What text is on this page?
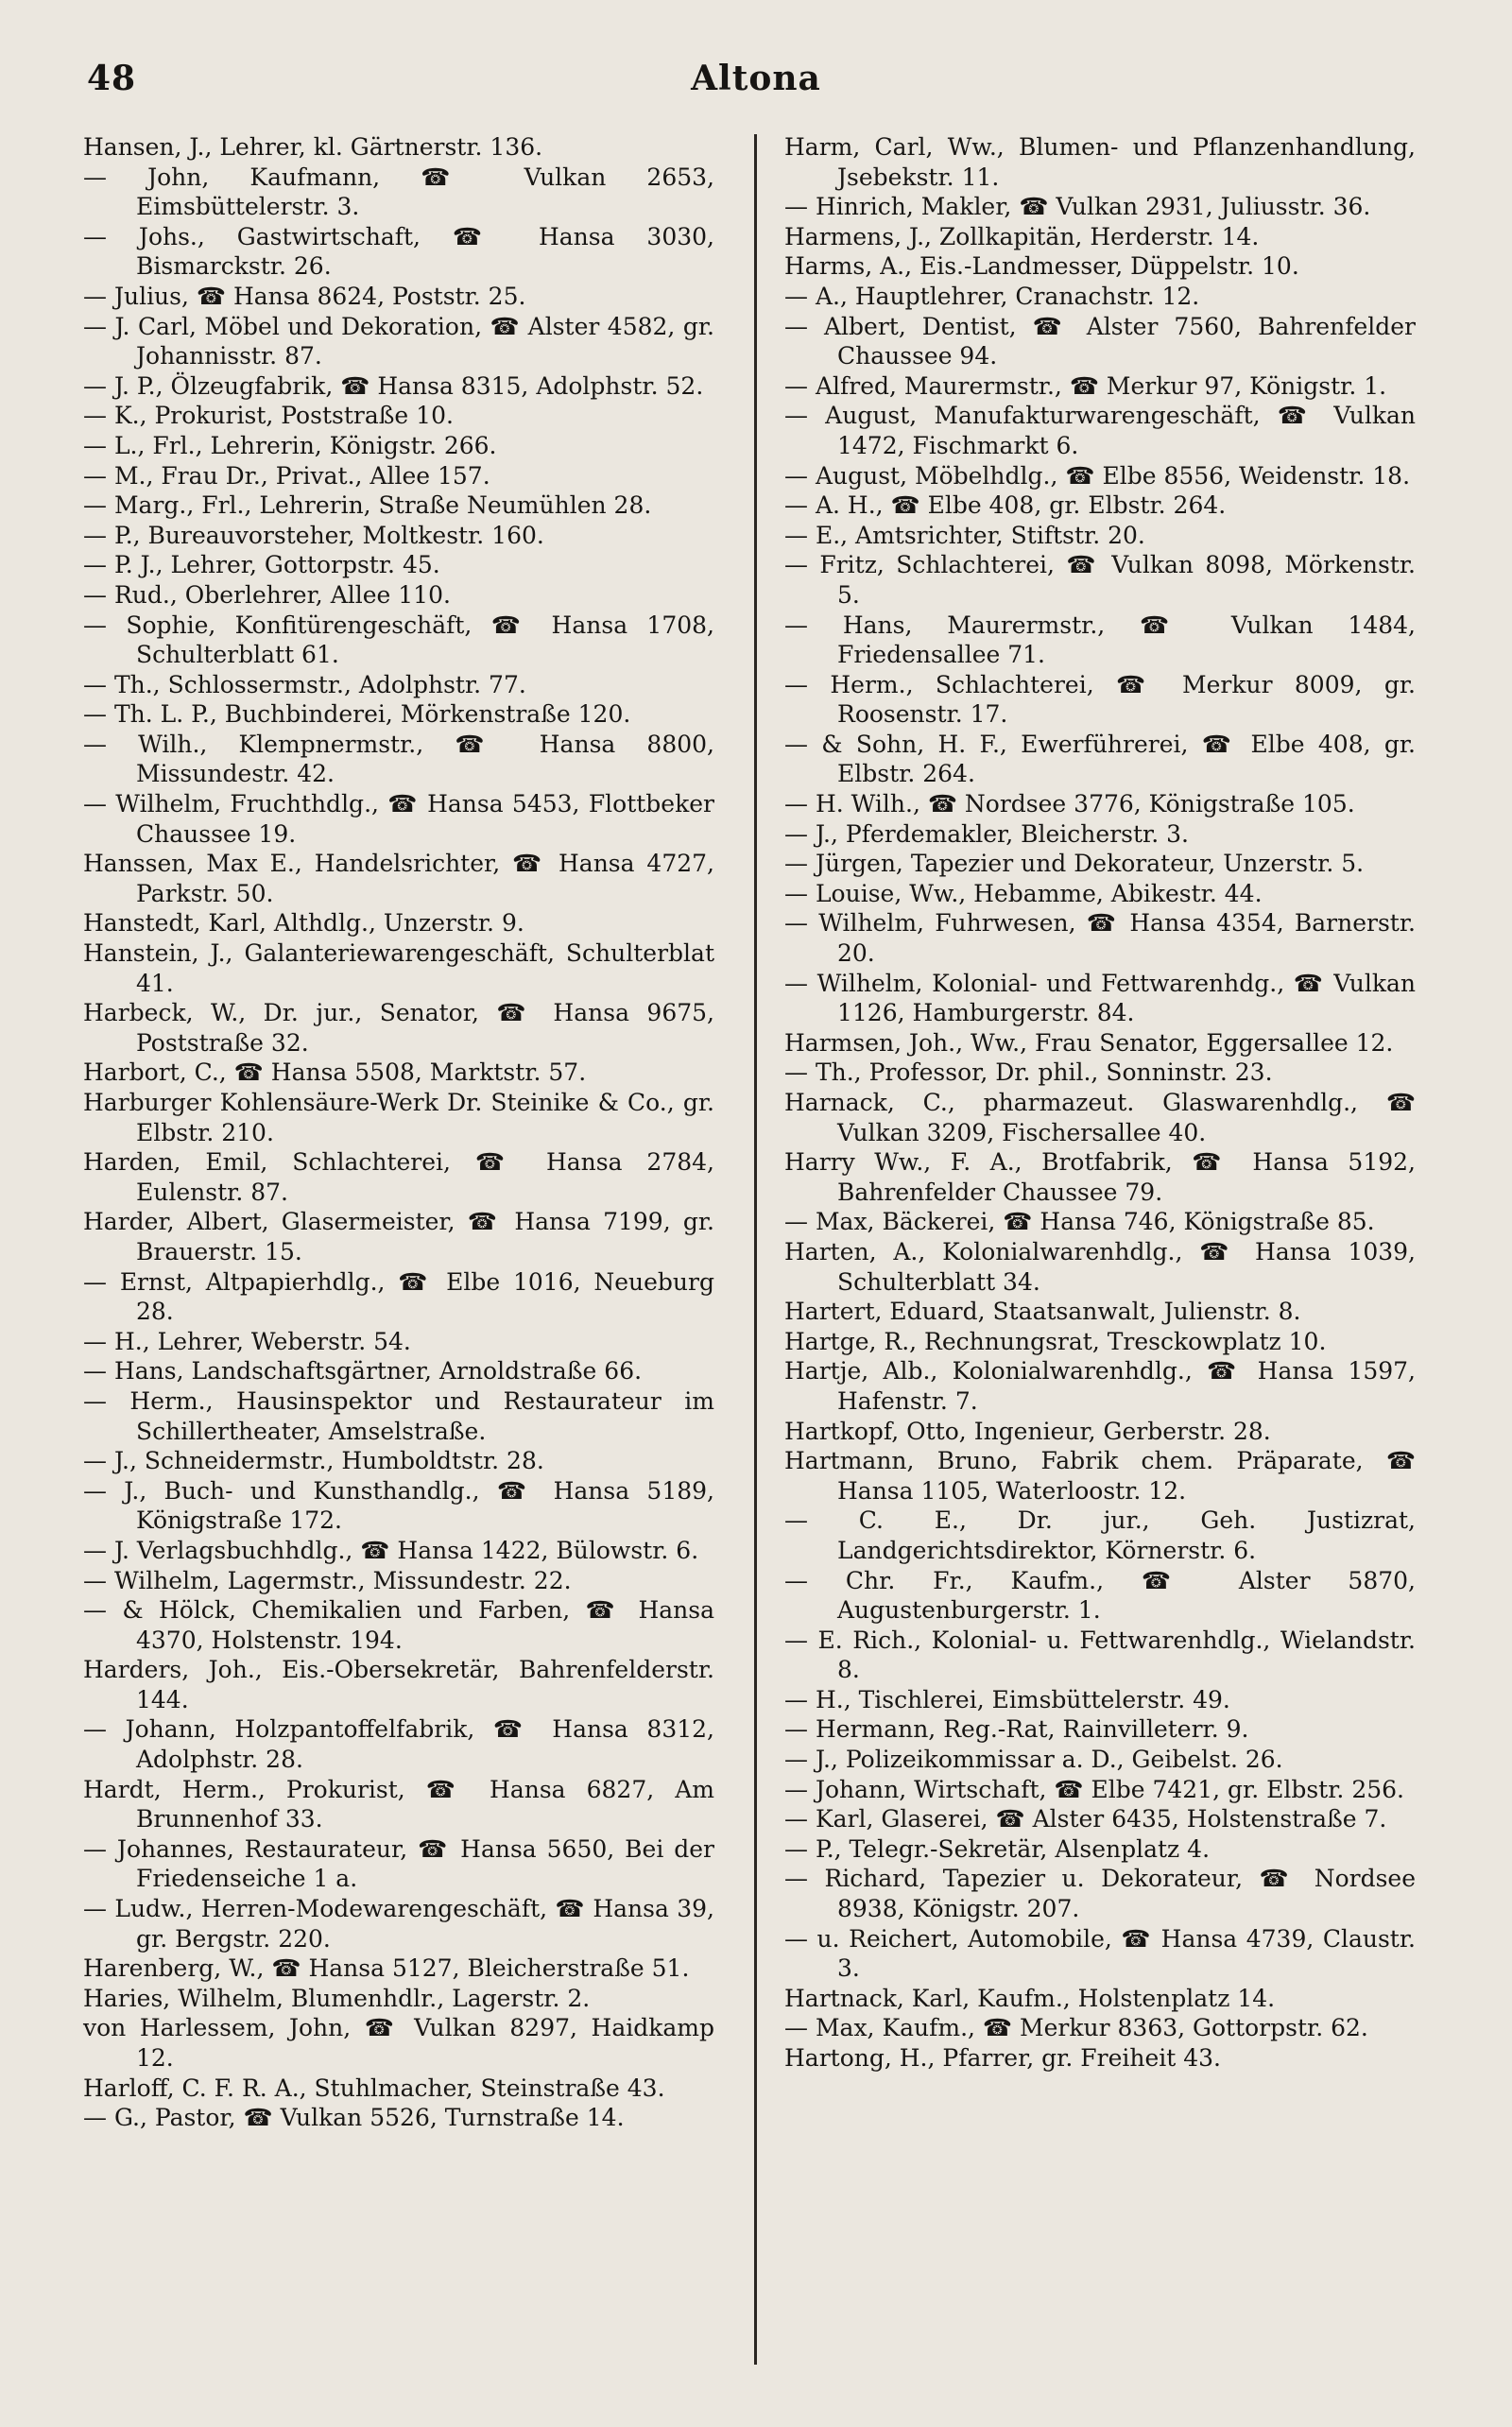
48	Altona

Hansen, J., Lehrer, kl. Gärtnerstr. 136.

— John, Kaufmann, ☎ Vulkan 2653, Eimsbüttelerstr. 3.

— Johs., Gastwirtschaft, ☎ Hansa 3030, Bismarckstr. 26.

— Julius, ☎ Hansa 8624, Poststr. 25.

— J. Carl, Möbel und Dekoration, ☎ Alster 4582, gr. Johannisstr. 87.

— J. P., Ölzeugfabrik, ☎ Hansa 8315, Adolphstr. 52.

— K., Prokurist, Poststraße 10.

— L., Frl., Lehrerin, Königstr. 266.

— M., Frau Dr., Privat., Allee 157.

— Marg., Frl., Lehrerin, Straße Neumühlen 28.

— P., Bureauvorsteher, Moltkestr. 160.

— P. J., Lehrer, Gottorpstr. 45.

— Rud., Oberlehrer, Allee 110.

— Sophie, Konfitürengeschäft, ☎ Hansa 1708, Schulterblatt 61.

— Th., Schlossermstr., Adolphstr. 77.

— Th. L. P., Buchbinderei, Mörkenstraße 120.

— Wilh., Klempnermstr., ☎ Hansa 8800, Missundestr. 42.

— Wilhelm, Fruchthdlg., ☎ Hansa 5453, Flottbeker Chaussee 19.

Hanssen, Max E., Handelsrichter, ☎ Hansa 4727, Parkstr. 50.

Hanstedt, Karl, Althdlg., Unzerstr. 9.

Hanstein, J., Galanteriewarengeschäft, Schulterblat 41.

Harbeck, W., Dr. jur., Senator, ☎ Hansa 9675, Poststraße 32.

Harbort, C., ☎ Hansa 5508, Marktstr. 57.

Harburger Kohlensäure-Werk Dr. Steinike & Co., gr. Elbstr. 210.

Harden, Emil, Schlachterei, ☎ Hansa 2784, Eulenstr. 87.

Harder, Albert, Glasermeister, ☎ Hansa 7199, gr. Brauerstr. 15.

— Ernst, Altpapierhdlg., ☎ Elbe 1016, Neueburg 28.

— H., Lehrer, Weberstr. 54.

— Hans, Landschaftsgärtner, Arnoldstraße 66.

— Herm., Hausinspektor und Restaurateur im Schillertheater, Amselstraße.

— J., Schneidermstr., Humboldtstr. 28.

— J., Buch- und Kunsthandlg., ☎ Hansa 5189, Königstraße 172.

— J. Verlagsbuchhdlg., ☎ Hansa 1422, Bülowstr. 6.

— Wilhelm, Lagermstr., Missundestr. 22.

— & Hölck, Chemikalien und Farben, ☎ Hansa 4370, Holstenstr. 194.

Harders, Joh., Eis.-Obersekretär, Bahrenfelderstr. 144.

— Johann, Holzpantoffelfabrik, ☎ Hansa 8312, Adolphstr. 28.

Hardt, Herm., Prokurist, ☎ Hansa 6827, Am Brunnenhof 33.

— Johannes, Restaurateur, ☎ Hansa 5650, Bei der Friedenseiche 1 a.

— Ludw., Herren-Modewarengeschäft, ☎ Hansa 39, gr. Bergstr. 220.

Harenberg, W., ☎ Hansa 5127, Bleicherstraße 51.

Haries, Wilhelm, Blumenhdlr., Lagerstr. 2.

von Harlessem, John, ☎ Vulkan 8297, Haidkamp 12.

Harloff, C. F. R. A., Stuhlmacher, Steinstraße 43.

— G., Pastor, ☎ Vulkan 5526, Turnstraße 14.

Harm, Carl, Ww., Blumen- und Pflanzenhandlung, Jsebekstr. 11.

— Hinrich, Makler, ☎ Vulkan 2931, Juliusstr. 36.

Harmens, J., Zollkapitän, Herderstr. 14.

Harms, A., Eis.-Landmesser, Düppelstr. 10.

— A., Hauptlehrer, Cranachstr. 12.

— Albert, Dentist, ☎ Alster 7560, Bahrenfelder Chaussee 94.

— Alfred, Maurermstr., ☎ Merkur 97, Königstr. 1.

— August, Manufakturwarengeschäft, ☎ Vulkan 1472, Fischmarkt 6.

— August, Möbelhdlg., ☎ Elbe 8556, Weidenstr. 18.

— A. H., ☎ Elbe 408, gr. Elbstr. 264.

— E., Amtsrichter, Stiftstr. 20.

— Fritz, Schlachterei, ☎ Vulkan 8098, Mörkenstr. 5.

— Hans, Maurermstr., ☎ Vulkan 1484, Friedensallee 71.

— Herm., Schlachterei, ☎ Merkur 8009, gr. Roosenstr. 17.

— & Sohn, H. F., Ewerführerei, ☎ Elbe 408, gr. Elbstr. 264.

— H. Wilh., ☎ Nordsee 3776, Königstraße 105.

— J., Pferdemakler, Bleicherstr. 3.

— Jürgen, Tapezier und Dekorateur, Unzerstr. 5.

— Louise, Ww., Hebamme, Abikestr. 44.

— Wilhelm, Fuhrwesen, ☎ Hansa 4354, Barnerstr. 20.

— Wilhelm, Kolonial- und Fettwarenhdg., ☎ Vulkan 1126, Hamburgerstr. 84.

Harmsen, Joh., Ww., Frau Senator, Eggersallee 12.

— Th., Professor, Dr. phil., Sonninstr. 23.

Harnack, C., pharmazeut. Glaswarenhdlg., ☎ Vulkan 3209, Fischersallee 40.

Harry Ww., F. A., Brotfabrik, ☎ Hansa 5192, Bahrenfelder Chaussee 79.

— Max, Bäckerei, ☎ Hansa 746, Königstraße 85.

Harten, A., Kolonialwarenhdlg., ☎ Hansa 1039, Schulterblatt 34.

Hartert, Eduard, Staatsanwalt, Julienstr. 8.

Hartge, R., Rechnungsrat, Tresckowplatz 10.

Hartje, Alb., Kolonialwarenhdlg., ☎ Hansa 1597, Hafenstr. 7.

Hartkopf, Otto, Ingenieur, Gerberstr. 28.

Hartmann, Bruno, Fabrik chem. Präparate, ☎ Hansa 1105, Waterloostr. 12.

— C. E., Dr. jur., Geh. Justizrat, Landgerichtsdirektor, Körnerstr. 6.

— Chr. Fr., Kaufm., ☎ Alster 5870, Augustenburgerstr. 1.

— E. Rich., Kolonial- u. Fettwarenhdlg., Wielandstr. 8.

— H., Tischlerei, Eimsbüttelerstr. 49.

— Hermann, Reg.-Rat, Rainvilleterr. 9.

— J., Polizeikommissar a. D., Geibelst. 26.

— Johann, Wirtschaft, ☎ Elbe 7421, gr. Elbstr. 256.

— Karl, Glaserei, ☎ Alster 6435, Holstenstraße 7.

— P., Telegr.-Sekretär, Alsenplatz 4.

— Richard, Tapezier u. Dekorateur, ☎ Nordsee 8938, Königstr. 207.

— u. Reichert, Automobile, ☎ Hansa 4739, Claustr. 3.

Hartnack, Karl, Kaufm., Holstenplatz 14.

— Max, Kaufm., ☎ Merkur 8363, Gottorpstr. 62.

Hartong, H., Pfarrer, gr. Freiheit 43.
